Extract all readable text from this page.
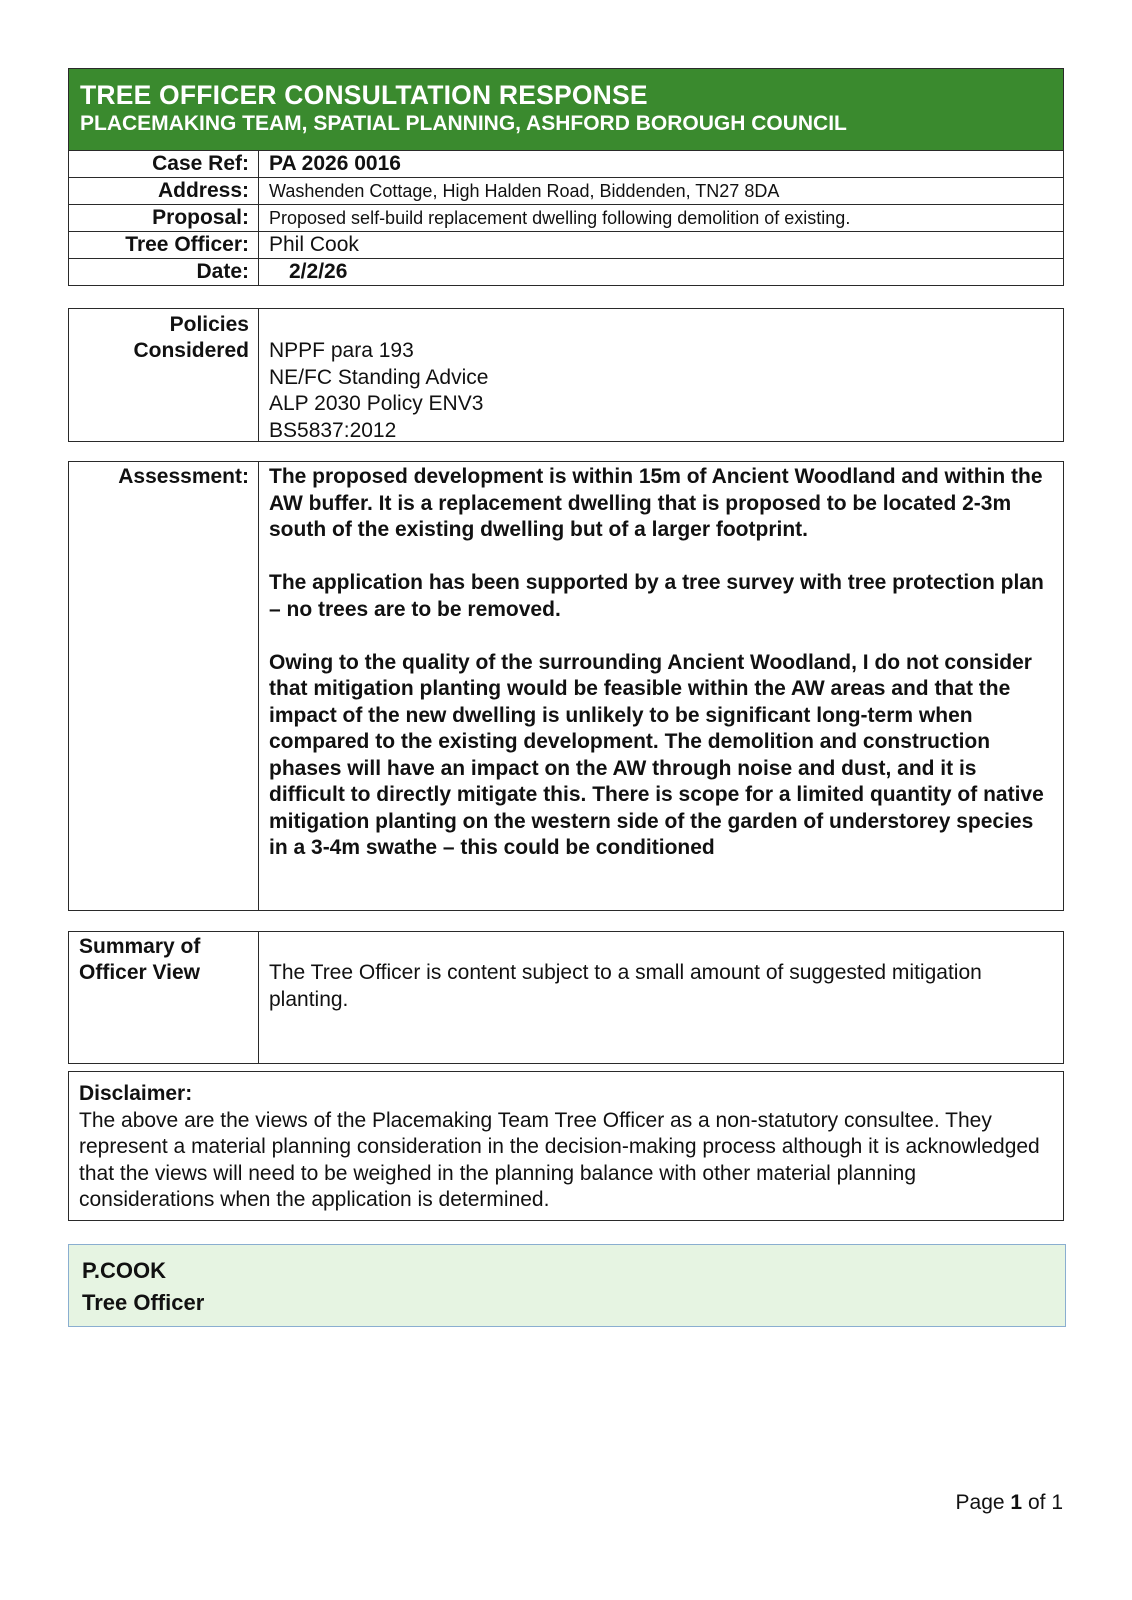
TREE OFFICER CONSULTATION RESPONSE
PLACEMAKING TEAM, SPATIAL PLANNING, ASHFORD BOROUGH COUNCIL
Case Ref: PA 2026 0016
Address:	Washenden Cottage, High Halden Road, Biddenden, TN27 8DA
Proposal:	Proposed self-build replacement dwelling following demolition of existing.
Tree Officer: Phil Cook
Date:	2/2/26
Policies
Considered NPPF para 193
NE/FC Standing Advice
ALP 2030 Policy ENV3
BS5837:2012
Assessment: The proposed development is within 15m of Ancient Woodland and within the AW buffer. It is a replacement dwelling that is proposed to be located 2-3m south of the existing dwelling but of a larger footprint.

The application has been supported by a tree survey with tree protection plan – no trees are to be removed.

Owing to the quality of the surrounding Ancient Woodland, I do not consider that mitigation planting would be feasible within the AW areas and that the impact of the new dwelling is unlikely to be significant long-term when compared to the existing development. The demolition and construction phases will have an impact on the AW through noise and dust, and it is difficult to directly mitigate this. There is scope for a limited quantity of native mitigation planting on the western side of the garden of understorey species in a 3-4m swathe – this could be conditioned

Summary of
Officer View	The Tree Officer is content subject to a small amount of suggested mitigation planting.
Disclaimer:
The above are the views of the Placemaking Team Tree Officer as a non-statutory consultee. They represent a material planning consideration in the decision-making process although it is acknowledged that the views will need to be weighed in the planning balance with other material planning considerations when the application is determined.
P.COOK
Tree Officer
Page 1 of 1
